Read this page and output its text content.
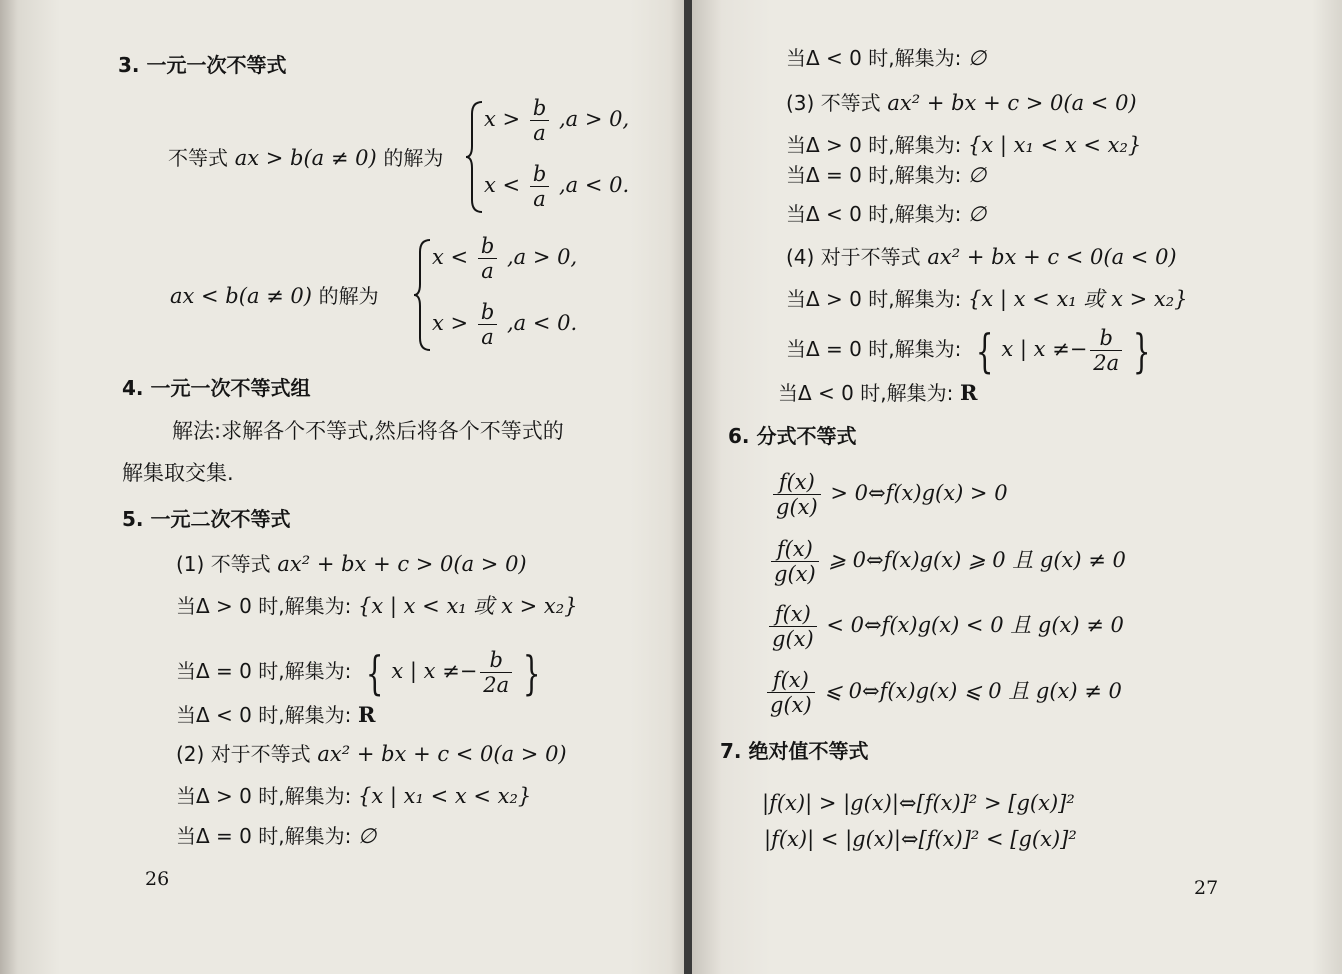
3. 一元一次不等式
不等式 ax > b(a ≠ 0) 的解为
$x > \frac{b}{a} ,a > 0$,
$x < \frac{b}{a} ,a < 0$.
ax < b(a ≠ 0) 的解为
$x < \frac{b}{a} ,a > 0$,
$x > \frac{b}{a} ,a < 0$.
4. 一元一次不等式组
解法:求解各个不等式,然后将各个不等式的
解集取交集.
5. 一元二次不等式
(1) 不等式 ax² + bx + c > 0(a > 0)
当Δ > 0 时,解集为: {x | x < x₁ 或 x > x₂}
当Δ = 0 时,解集为: { x | $x \ne- \frac{b}{2a}$ }
当Δ < 0 时,解集为: R
(2) 对于不等式 ax² + bx + c < 0(a > 0)
当Δ > 0 时,解集为: {x | x₁ < x < x₂}
当Δ = 0 时,解集为: ∅
26
当Δ < 0 时,解集为: ∅
(3) 不等式 ax² + bx + c > 0(a < 0)
当Δ > 0 时,解集为: {x | x₁ < x < x₂}
当Δ = 0 时,解集为: ∅
当Δ < 0 时,解集为: ∅
(4) 对于不等式 ax² + bx + c < 0(a < 0)
当Δ > 0 时,解集为: {x | x < x₁ 或 x > x₂}
当Δ = 0 时,解集为: { x | $x \ne- \frac{b}{2a}$ }
当Δ < 0 时,解集为: R
6. 分式不等式
$\frac{f(x)}{g(x)}$ > 0⇔f(x)g(x) > 0
$\frac{f(x)}{g(x)}$ ⩾ 0⇔f(x)g(x) ⩾ 0 且 g(x) ≠ 0
$\frac{f(x)}{g(x)}$ < 0⇔f(x)g(x) < 0 且 g(x) ≠ 0
$\frac{f(x)}{g(x)}$ ⩽ 0⇔f(x)g(x) ⩽ 0 且 g(x) ≠ 0
7. 绝对值不等式
|f(x)| > |g(x)|⇔[f(x)]² > [g(x)]²
|f(x)| < |g(x)|⇔[f(x)]² < [g(x)]²
27
